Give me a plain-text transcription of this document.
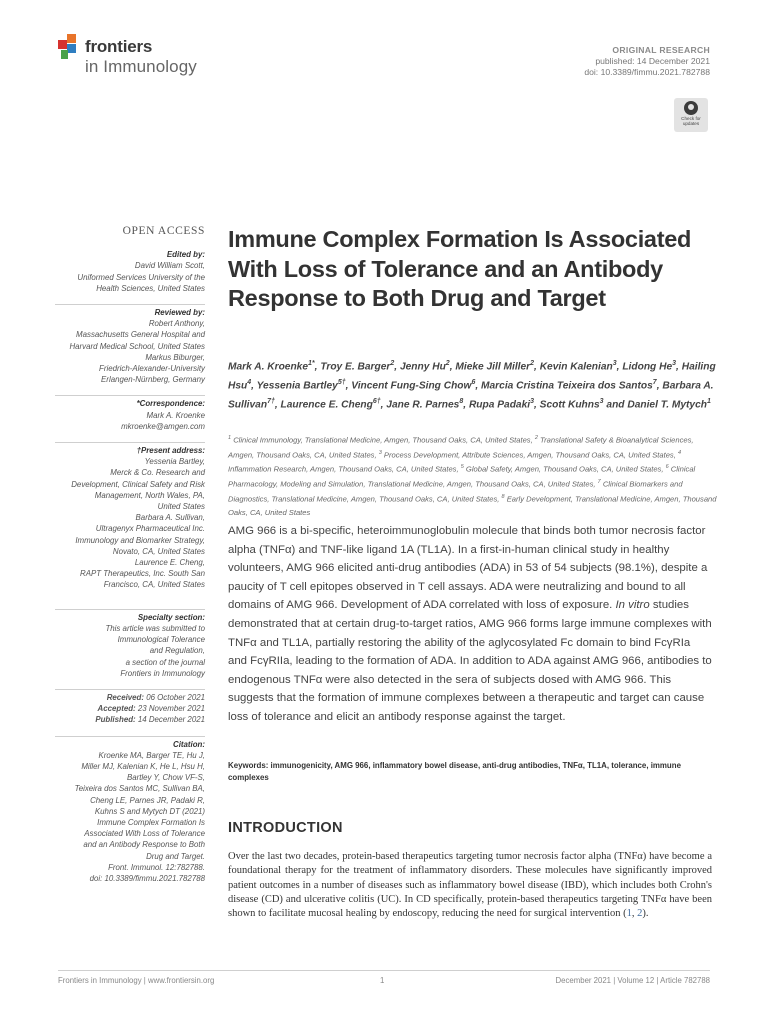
frontiers
in Immunology
ORIGINAL RESEARCH
published: 14 December 2021
doi: 10.3389/fimmu.2021.782788
Check for
updates
OPEN ACCESS
Edited by:
David William Scott,
Uniformed Services University of the
Health Sciences, United States
Reviewed by:
Robert Anthony,
Massachusetts General Hospital and
Harvard Medical School, United States
Markus Biburger,
Friedrich-Alexander-University
Erlangen-Nürnberg, Germany
*Correspondence:
Mark A. Kroenke
mkroenke@amgen.com
†Present address:
Yessenia Bartley,
Merck & Co. Research and
Development, Clinical Safety and Risk
Management, North Wales, PA,
United States
Barbara A. Sullivan,
Ultragenyx Pharmaceutical Inc.
Immunology and Biomarker Strategy,
Novato, CA, United States
Laurence E. Cheng,
RAPT Therapeutics, Inc. South San
Francisco, CA, United States
Specialty section:
This article was submitted to
Immunological Tolerance
and Regulation,
a section of the journal
Frontiers in Immunology
Received: 06 October 2021
Accepted: 23 November 2021
Published: 14 December 2021
Citation:
Kroenke MA, Barger TE, Hu J,
Miller MJ, Kalenian K, He L, Hsu H,
Bartley Y, Chow VF-S,
Teixeira dos Santos MC, Sullivan BA,
Cheng LE, Parnes JR, Padaki R,
Kuhns S and Mytych DT (2021)
Immune Complex Formation Is
Associated With Loss of Tolerance
and an Antibody Response to Both
Drug and Target.
Front. Immunol. 12:782788.
doi: 10.3389/fimmu.2021.782788
Immune Complex Formation Is Associated With Loss of Tolerance and an Antibody Response to Both Drug and Target
Mark A. Kroenke$^{1*}$, Troy E. Barger$^2$, Jenny Hu$^2$, Mieke Jill Miller$^2$, Kevin Kalenian$^3$, Lidong He$^3$, Hailing Hsu$^4$, Yessenia Bartley$^{5\dagger}$, Vincent Fung-Sing Chow$^6$, Marcia Cristina Teixeira dos Santos$^7$, Barbara A. Sullivan$^{7\dagger}$, Laurence E. Cheng$^{6\dagger}$, Jane R. Parnes$^8$, Rupa Padaki$^3$, Scott Kuhns$^3$ and Daniel T. Mytych$^1$
$^1$ Clinical Immunology, Translational Medicine, Amgen, Thousand Oaks, CA, United States, $^2$ Translational Safety & Bioanalytical Sciences, Amgen, Thousand Oaks, CA, United States, $^3$ Process Development, Attribute Sciences, Amgen, Thousand Oaks, CA, United States, $^4$ Inflammation Research, Amgen, Thousand Oaks, CA, United States, $^5$ Global Safety, Amgen, Thousand Oaks, CA, United States, $^6$ Clinical Pharmacology, Modeling and Simulation, Translational Medicine, Amgen, Thousand Oaks, CA, United States, $^7$ Clinical Biomarkers and Diagnostics, Translational Medicine, Amgen, Thousand Oaks, CA, United States, $^8$ Early Development, Translational Medicine, Amgen, Thousand Oaks, CA, United States
AMG 966 is a bi-specific, heteroimmunoglobulin molecule that binds both tumor necrosis factor alpha (TNFα) and TNF-like ligand 1A (TL1A). In a first-in-human clinical study in healthy volunteers, AMG 966 elicited anti-drug antibodies (ADA) in 53 of 54 subjects (98.1%), despite a paucity of T cell epitopes observed in T cell assays. ADA were neutralizing and bound to all domains of AMG 966. Development of ADA correlated with loss of exposure. In vitro studies demonstrated that at certain drug-to-target ratios, AMG 966 forms large immune complexes with TNFα and TL1A, partially restoring the ability of the aglycosylated Fc domain to bind FcγRIa and FcγRIIa, leading to the formation of ADA. In addition to ADA against AMG 966, antibodies to endogenous TNFα were also detected in the sera of subjects dosed with AMG 966. This suggests that the formation of immune complexes between a therapeutic and target can cause loss of tolerance and elicit an antibody response against the target.
Keywords: immunogenicity, AMG 966, inflammatory bowel disease, anti-drug antibodies, TNFα, TL1A, tolerance, immune complexes
INTRODUCTION
Over the last two decades, protein-based therapeutics targeting tumor necrosis factor alpha (TNFα) have become a foundational therapy for the treatment of inflammatory disorders. These molecules have significantly improved patient outcomes in a number of diseases such as inflammatory bowel disease (IBD), which includes both Crohn's disease (CD) and ulcerative colitis (UC). In CD specifically, protein-based therapeutics targeting TNFα have been shown to facilitate mucosal healing by endoscopy, reducing the need for surgical intervention (1, 2).
Frontiers in Immunology | www.frontiersin.org	1	December 2021 | Volume 12 | Article 782788
